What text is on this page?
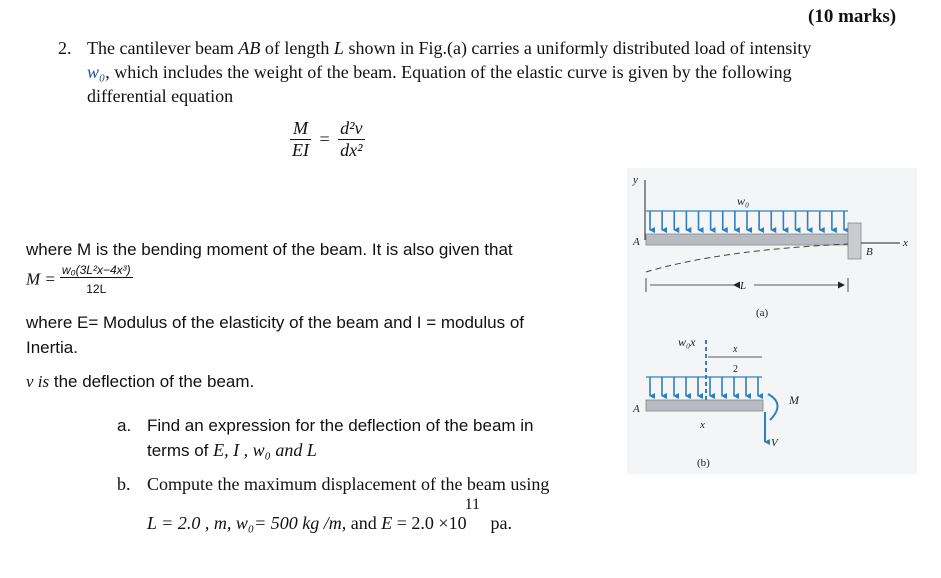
(10 marks)
2. The cantilever beam AB of length L shown in Fig.(a) carries a uniformly distributed load of intensity
w₀, which includes the weight of the beam. Equation of the elastic curve is given by the following
differential equation
$\frac{M}{EI} = \frac{\text{d²v}}{\text{dx²}}$
where M is the bending moment of the beam. It is also given that
$M = \frac{\text{w₀(3L²x−4x³)}}{12L}$
where E= Modulus of the elasticity of the beam and I = modulus of
Inertia.
v is the deflection of the beam.
a. Find an expression for the deflection of the beam in
terms of E, I , w₀ and L
b. Compute the maximum displacement of the beam using
L = 2.0 , m, w₀= 500 kg /m, and E = 2.0 ×1011 pa.
y
w₀
A
B
x
L
(a)
w₀x
x
2
A
x
M
V
(b)
